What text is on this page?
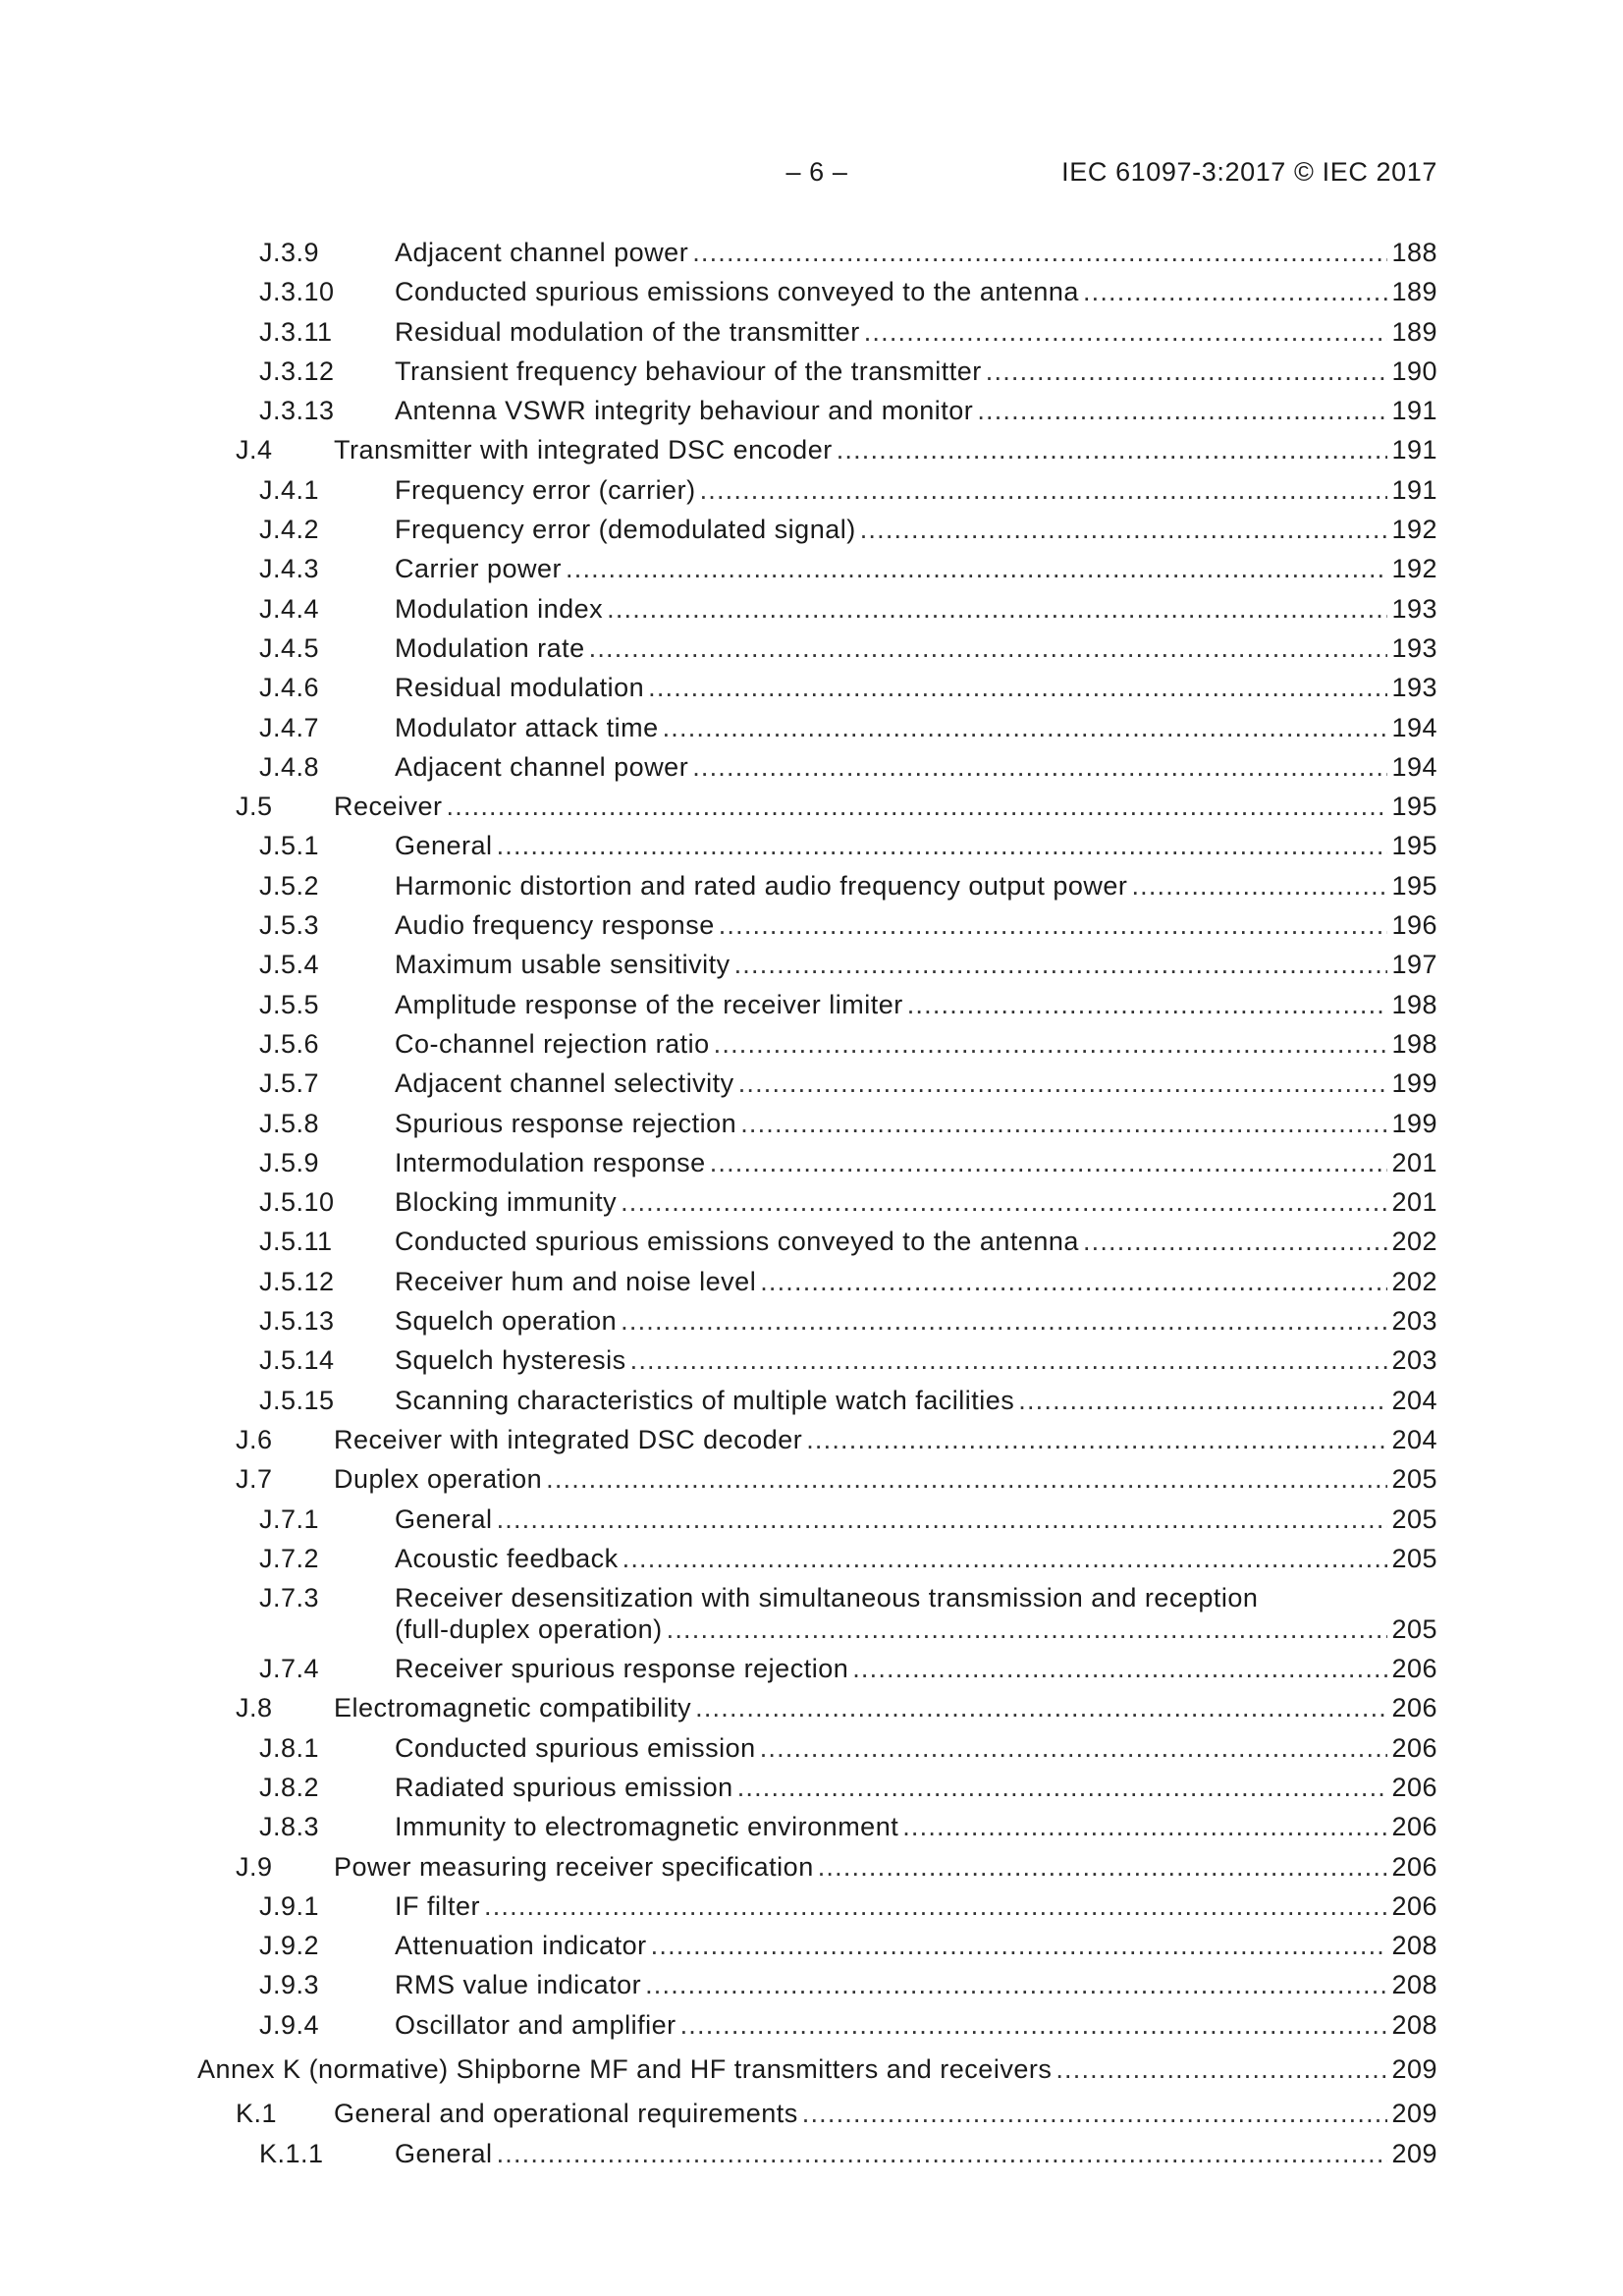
– 6 –	IEC 61097-3:2017 © IEC 2017
J.3.9	Adjacent channel power .....	188
J.3.10 Conducted spurious emissions conveyed to the antenna .....	189
J.3.11 Residual modulation of the transmitter .....	189
J.3.12 Transient frequency behaviour of the transmitter .....	190
J.3.13 Antenna VSWR integrity behaviour and monitor .....	191
J.4 Transmitter with integrated DSC encoder .....	191
J.4.1	Frequency error (carrier) .....	191
J.4.2	Frequency error (demodulated signal) .....	192
J.4.3	Carrier power .....	192
J.4.4	Modulation index .....	193
J.4.5	Modulation rate .....	193
J.4.6	Residual modulation .....	193
J.4.7	Modulator attack time .....	194
J.4.8	Adjacent channel power .....	194
J.5 Receiver .....	195
J.5.1	General .....	195
J.5.2	Harmonic distortion and rated audio frequency output power .....	195
J.5.3	Audio frequency response .....	196
J.5.4	Maximum usable sensitivity .....	197
J.5.5	Amplitude response of the receiver limiter .....	198
J.5.6	Co-channel rejection ratio .....	198
J.5.7	Adjacent channel selectivity .....	199
J.5.8	Spurious response rejection .....	199
J.5.9	Intermodulation response .....	201
J.5.10 Blocking immunity .....	201
J.5.11 Conducted spurious emissions conveyed to the antenna .....	202
J.5.12 Receiver hum and noise level .....	202
J.5.13 Squelch operation .....	203
J.5.14 Squelch hysteresis .....	203
J.5.15 Scanning characteristics of multiple watch facilities .....	204
J.6 Receiver with integrated DSC decoder .....	204
J.7 Duplex operation .....	205
J.7.1	General .....	205
J.7.2	Acoustic feedback .....	205
J.7.3	Receiver desensitization with simultaneous transmission and reception
(full-duplex operation) .....	205
J.7.4	Receiver spurious response rejection .....	206
J.8 Electromagnetic compatibility .....	206
J.8.1	Conducted spurious emission .....	206
J.8.2	Radiated spurious emission .....	206
J.8.3	Immunity to electromagnetic environment .....	206
J.9 Power measuring receiver specification .....	206
J.9.1	IF filter .....	206
J.9.2	Attenuation indicator .....	208
J.9.3	RMS value indicator .....	208
J.9.4	Oscillator and amplifier .....	208
Annex K (normative) Shipborne MF and HF transmitters and receivers .....	209
K.1 General and operational requirements .....	209
K.1.1	General .....	209
